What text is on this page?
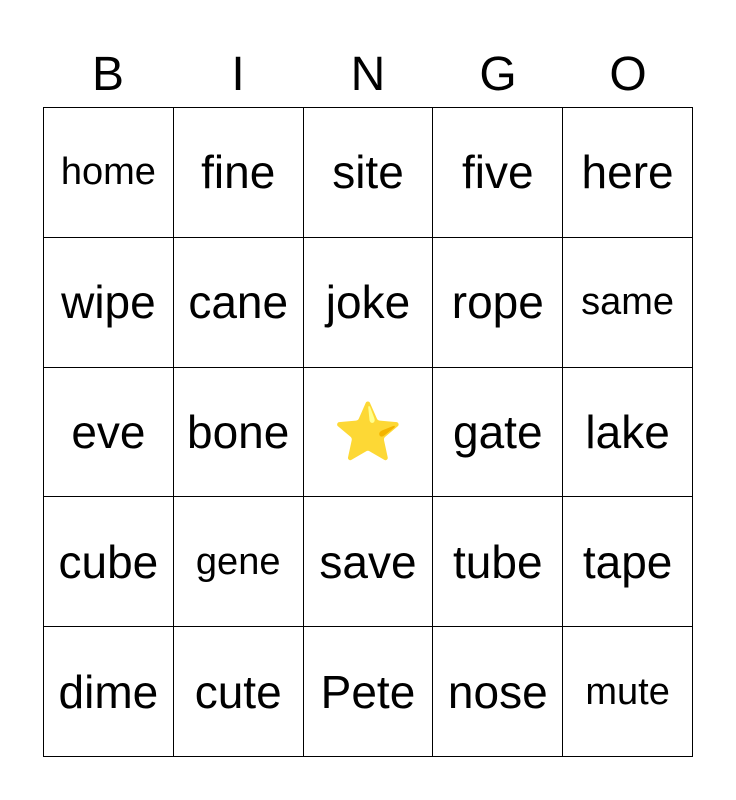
B	I	N	G	O
home fine site five here
wipe cane joke rope same
eve bone ⭐ gate lake
cube gene save tube tape
dime cute Pete nose mute
